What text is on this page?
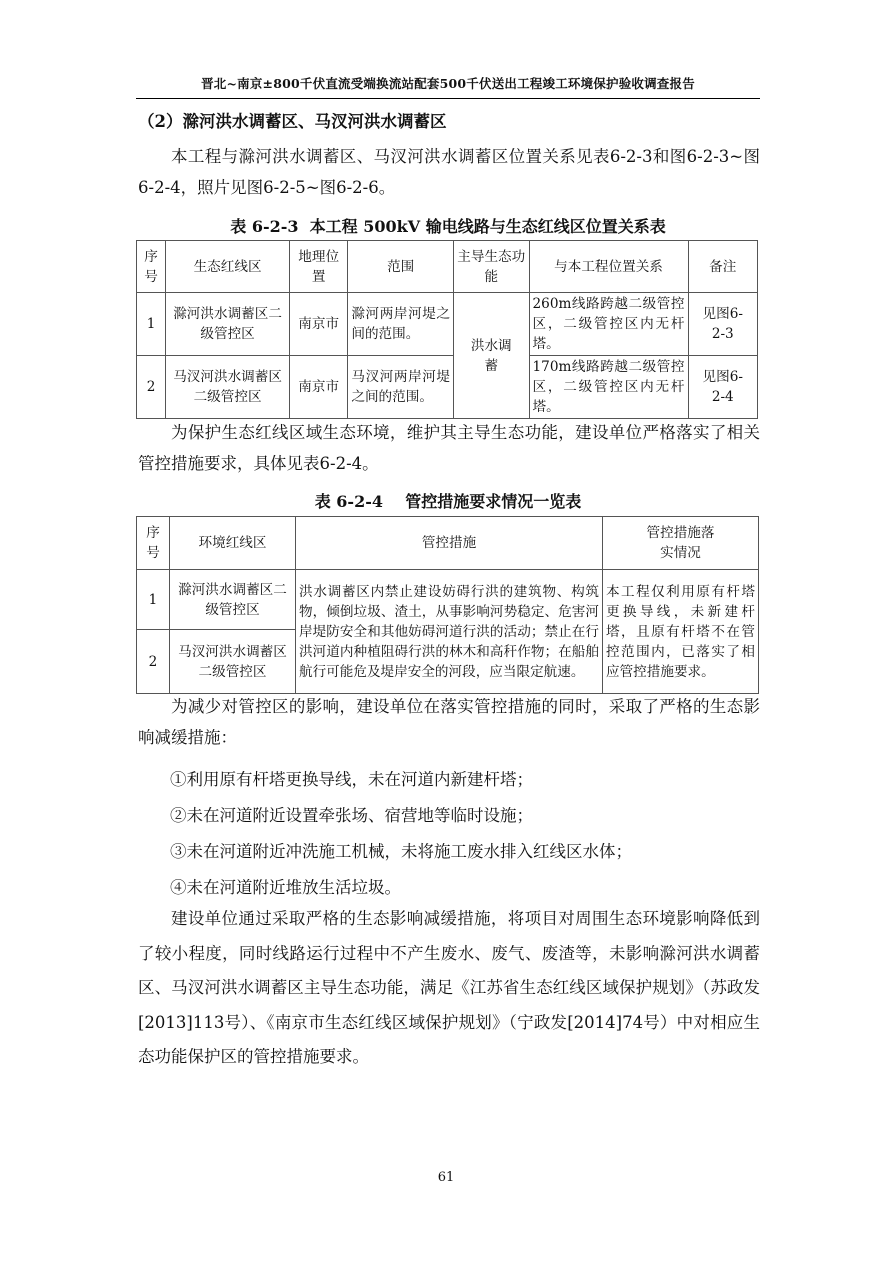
晋北~南京±800千伏直流受端换流站配套500千伏送出工程竣工环境保护验收调查报告
（2）滁河洪水调蓄区、马汊河洪水调蓄区

本工程与滁河洪水调蓄区、马汊河洪水调蓄区位置关系见表6-2-3和图6-2-3~图6-2-4，照片见图6-2-5~图6-2-6。

表 6-2-3  本工程 500kV 输电线路与生态红线区位置关系表
序号	生态红线区	地理位置	范围	主导生态功能	与本工程位置关系	备注
1	滁河洪水调蓄区二级管控区	南京市	滁河两岸河堤之间的范围。	洪水调蓄	260m线路跨越二级管控区，二级管控区内无杆塔。	见图6-2-3
2	马汊河洪水调蓄区二级管控区	南京市	马汊河两岸河堤之间的范围。		170m线路跨越二级管控区，二级管控区内无杆塔。	见图6-2-4

为保护生态红线区域生态环境，维护其主导生态功能，建设单位严格落实了相关管控措施要求，具体见表6-2-4。

表 6-2-4    管控措施要求情况一览表
序号	环境红线区	管控措施	管控措施落实情况
1	滁河洪水调蓄区二级管控区	洪水调蓄区内禁止建设妨碍行洪的建筑物、构筑物，倾倒垃圾、渣土，从事影响河势稳定、危害河岸堤防安全和其他妨碍河道行洪的活动；禁止在行洪河道内种植阻碍行洪的林木和高秆作物；在船舶航行可能危及堤岸安全的河段，应当限定航速。	本工程仅利用原有杆塔更换导线，未新建杆塔，且原有杆塔不在管控范围内，已落实了相应管控措施要求。
2	马汊河洪水调蓄区二级管控区		

为减少对管控区的影响，建设单位在落实管控措施的同时，采取了严格的生态影响减缓措施：

①利用原有杆塔更换导线，未在河道内新建杆塔；
②未在河道附近设置牵张场、宿营地等临时设施；
③未在河道附近冲洗施工机械，未将施工废水排入红线区水体；
④未在河道附近堆放生活垃圾。

建设单位通过采取严格的生态影响减缓措施，将项目对周围生态环境影响降低到了较小程度，同时线路运行过程中不产生废水、废气、废渣等，未影响滁河洪水调蓄区、马汊河洪水调蓄区主导生态功能，满足《江苏省生态红线区域保护规划》（苏政发[2013]113号）、《南京市生态红线区域保护规划》（宁政发[2014]74号）中对相应生态功能保护区的管控措施要求。

61
